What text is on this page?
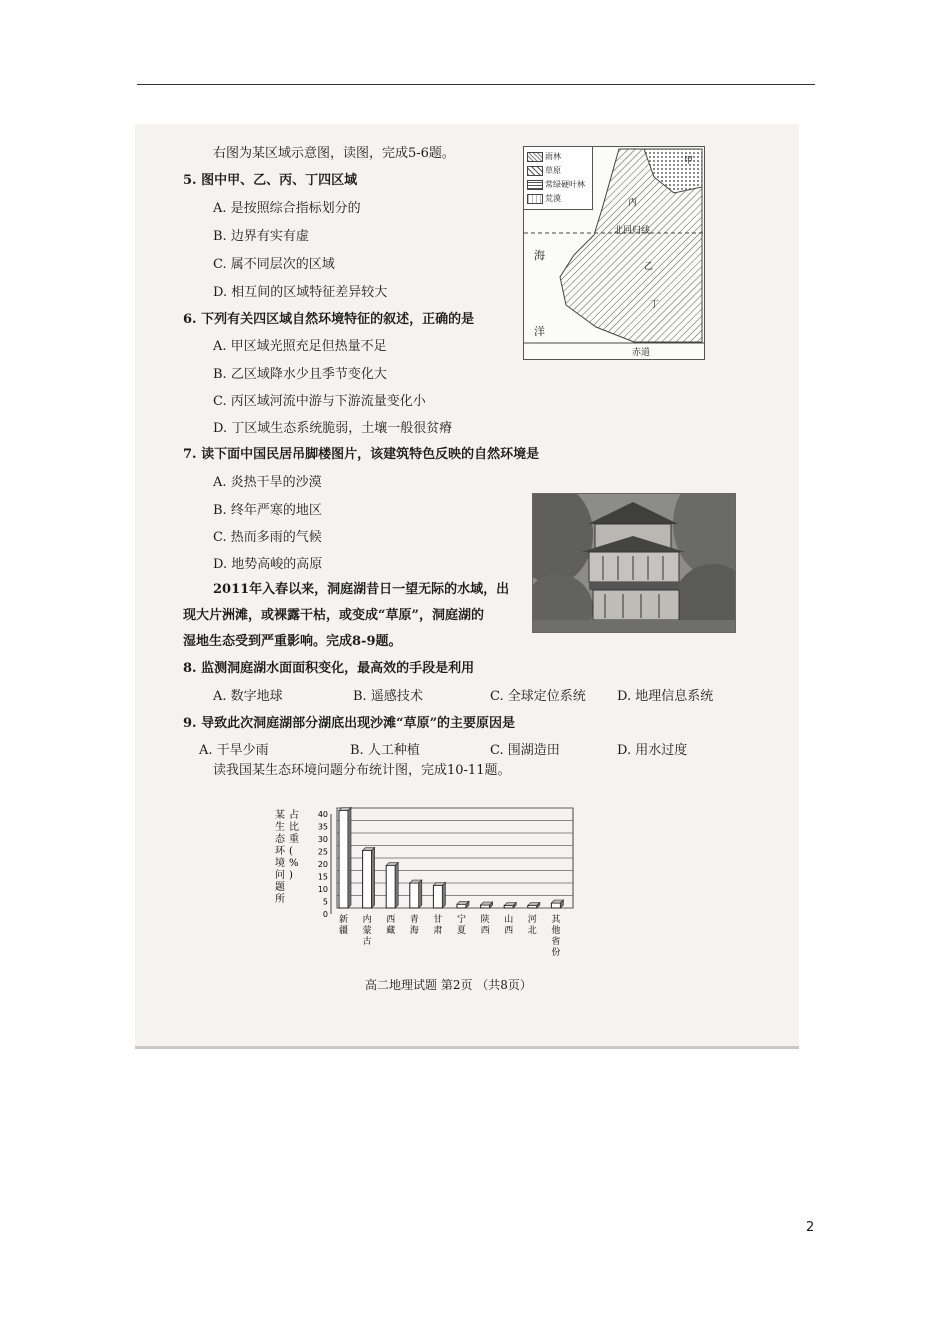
右图为某区域示意图，读图，完成5-6题。
5. 图中甲、乙、丙、丁四区域
A. 是按照综合指标划分的
B. 边界有实有虚
C. 属不同层次的区域
D. 相互间的区域特征差异较大
6. 下列有关四区域自然环境特征的叙述，正确的是
A. 甲区域光照充足但热量不足
B. 乙区域降水少且季节变化大
C. 丙区域河流中游与下游流量变化小
D. 丁区域生态系统脆弱，土壤一般很贫瘠
7. 读下面中国民居吊脚楼图片，该建筑特色反映的自然环境是
A. 炎热干旱的沙漠
B. 终年严寒的地区
C. 热而多雨的气候
D. 地势高峻的高原
2011年入春以来，洞庭湖昔日一望无际的水域，出
现大片洲滩，或裸露干枯，或变成“草原”，洞庭湖的
湿地生态受到严重影响。完成8-9题。
8. 监测洞庭湖水面面积变化，最高效的手段是利用
A. 数字地球	B. 遥感技术	C. 全球定位系统 D. 地理信息系统
9. 导致此次洞庭湖部分湖底出现沙滩“草原”的主要原因是
A. 干旱少雨	B. 人工种植	C. 围湖造田	D. 用水过度
读我国某生态环境问题分布统计图，完成10-11题。
雨林
草原
常绿硬叶林
荒漠
甲
丙
乙
丁
海
洋
北回归线
赤道
某
生
态
环
境
问
题
所
占
比
重
(
%
)
0
5
10
15
20
25
30
35
40
新
疆
内
蒙
古
西
藏
青
海
甘
肃
宁
夏
陕
西
山
西
河
北
其
他
省
份
高二地理试题 第2页 （共8页）
2
